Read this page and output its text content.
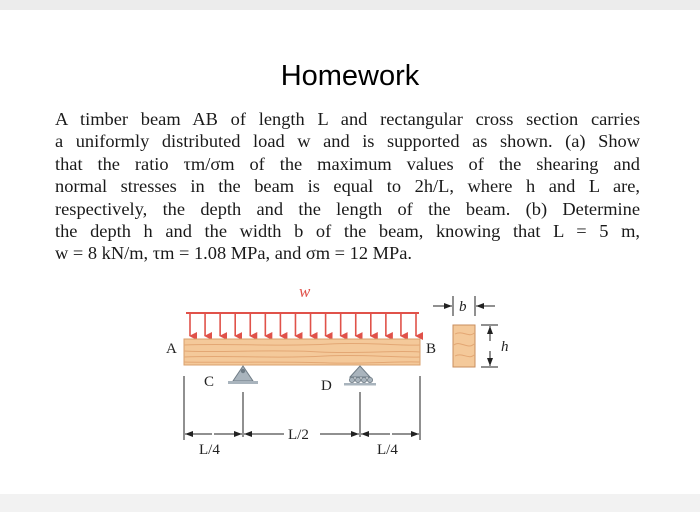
Homework
A timber beam AB of length L and rectangular cross section carries
a uniformly distributed load w and is supported as shown. (a) Show
that the ratio τm/σm of the maximum values of the shearing and
normal stresses in the beam is equal to 2h/L, where h and L are,
respectively, the depth and the length of the beam. (b) Determine
the depth h and the width b of the beam, knowing that L = 5 m,
w = 8 kN/m, τm = 1.08 MPa, and σm = 12 MPa.
w
A	B
C	D
L/4
L/2
L/4
b
h
